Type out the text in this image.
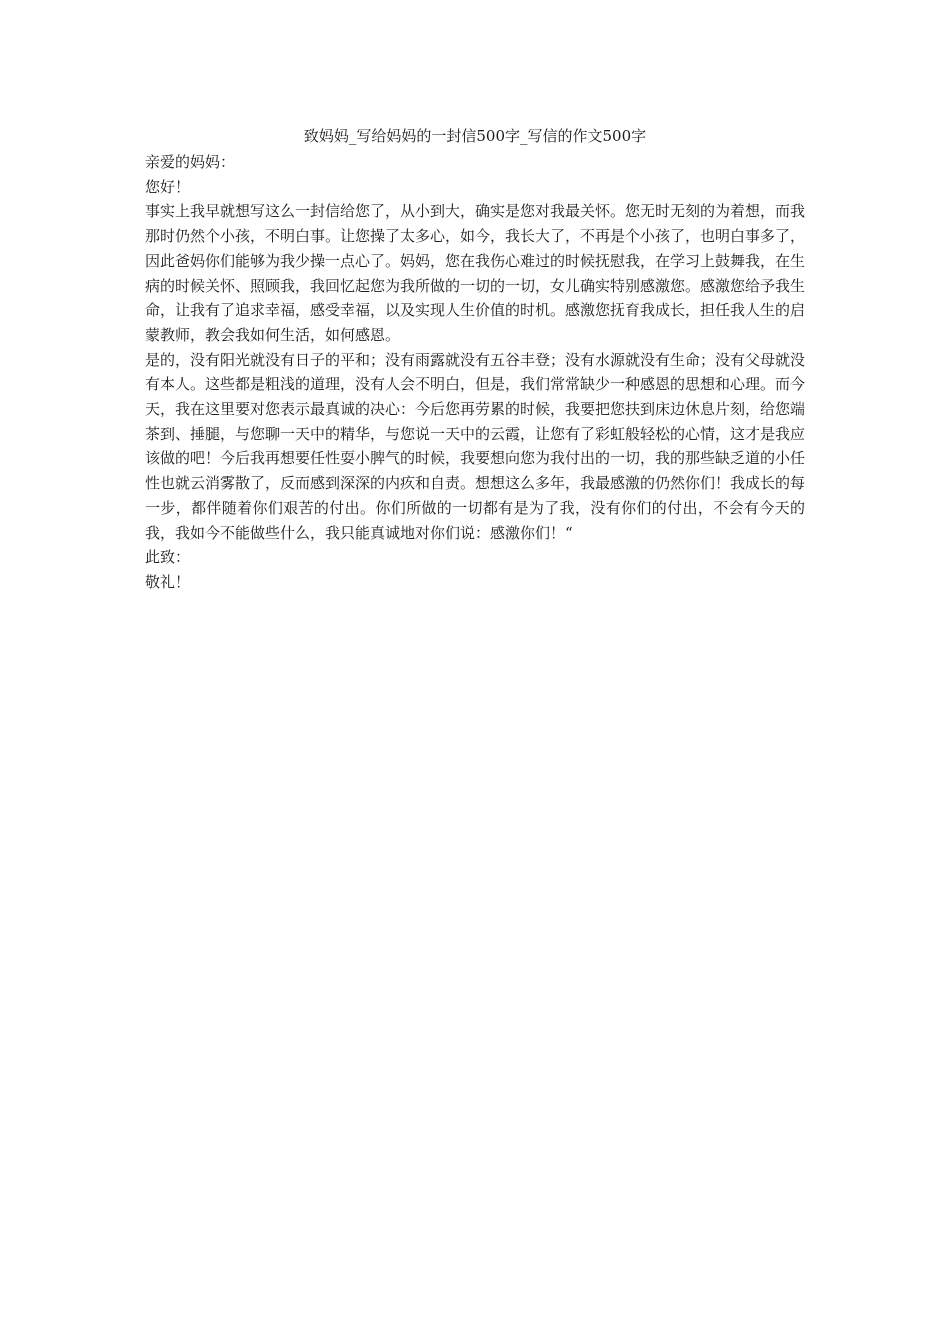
致妈妈_写给妈妈的一封信500字_写信的作文500字

亲爱的妈妈：

您好！

事实上我早就想写这么一封信给您了，从小到大，确实是您对我最关怀。您无时无刻的为着想，而我那时仍然个小孩，不明白事。让您操了太多心，如今，我长大了，不再是个小孩了，也明白事多了，因此爸妈你们能够为我少操一点心了。妈妈，您在我伤心难过的时候抚慰我，在学习上鼓舞我，在生病的时候关怀、照顾我，我回忆起您为我所做的一切的一切，女儿确实特别感激您。感激您给予我生命，让我有了追求幸福，感受幸福，以及实现人生价值的时机。感激您抚育我成长，担任我人生的启蒙教师，教会我如何生活，如何感恩。

是的，没有阳光就没有日子的平和；没有雨露就没有五谷丰登；没有水源就没有生命；没有父母就没有本人。这些都是粗浅的道理，没有人会不明白，但是，我们常常缺少一种感恩的思想和心理。而今天，我在这里要对您表示最真诚的决心：今后您再劳累的时候，我要把您扶到床边休息片刻，给您端茶到、捶腿，与您聊一天中的精华，与您说一天中的云霞，让您有了彩虹般轻松的心情，这才是我应该做的吧！今后我再想要任性耍小脾气的时候，我要想向您为我付出的一切，我的那些缺乏道的小任性也就云消雾散了，反而感到深深的内疚和自责。想想这么多年，我最感激的仍然你们！我成长的每一步，都伴随着你们艰苦的付出。你们所做的一切都有是为了我，没有你们的付出，不会有今天的我，我如今不能做些什么，我只能真诚地对你们说：感激你们！“

此致：

敬礼！
